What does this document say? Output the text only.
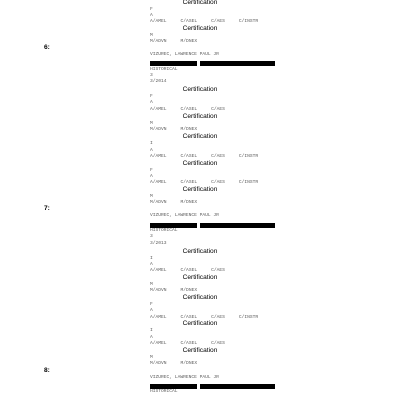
Certification
F
A
A/AMEL	C/ASEL	C/AES	C/INSTR
Certification
M
M/ADVN	M/DNEX
6:
VIZUREC, LAWRENCE PAUL JR
HISTORICAL
3
3/2014
Certification
F
A
A/AMEL	C/ASEL	C/AES
Certification
M
M/ADVN	M/DNEX
Certification
I
A
A/AMEL	C/ASEL	C/AES	C/INSTR
Certification
F
A
A/AMEL	C/ASEL	C/AES	C/INSTR
Certification
M
M/ADVN	M/DNEX
7:
VIZUREC, LAWRENCE PAUL JR
HISTORICAL
3
3/2013
Certification
I
A
A/AMEL	C/ASEL	C/AES
Certification
M
M/ADVN	M/DNEX
Certification
F
A
A/AMEL	C/ASEL	C/AES	C/INSTR
Certification
I
A
A/AMEL	C/ASEL	C/AES
Certification
M
M/ADVN	M/DNEX
8:
VIZUREC, LAWRENCE PAUL JR
HISTORICAL
